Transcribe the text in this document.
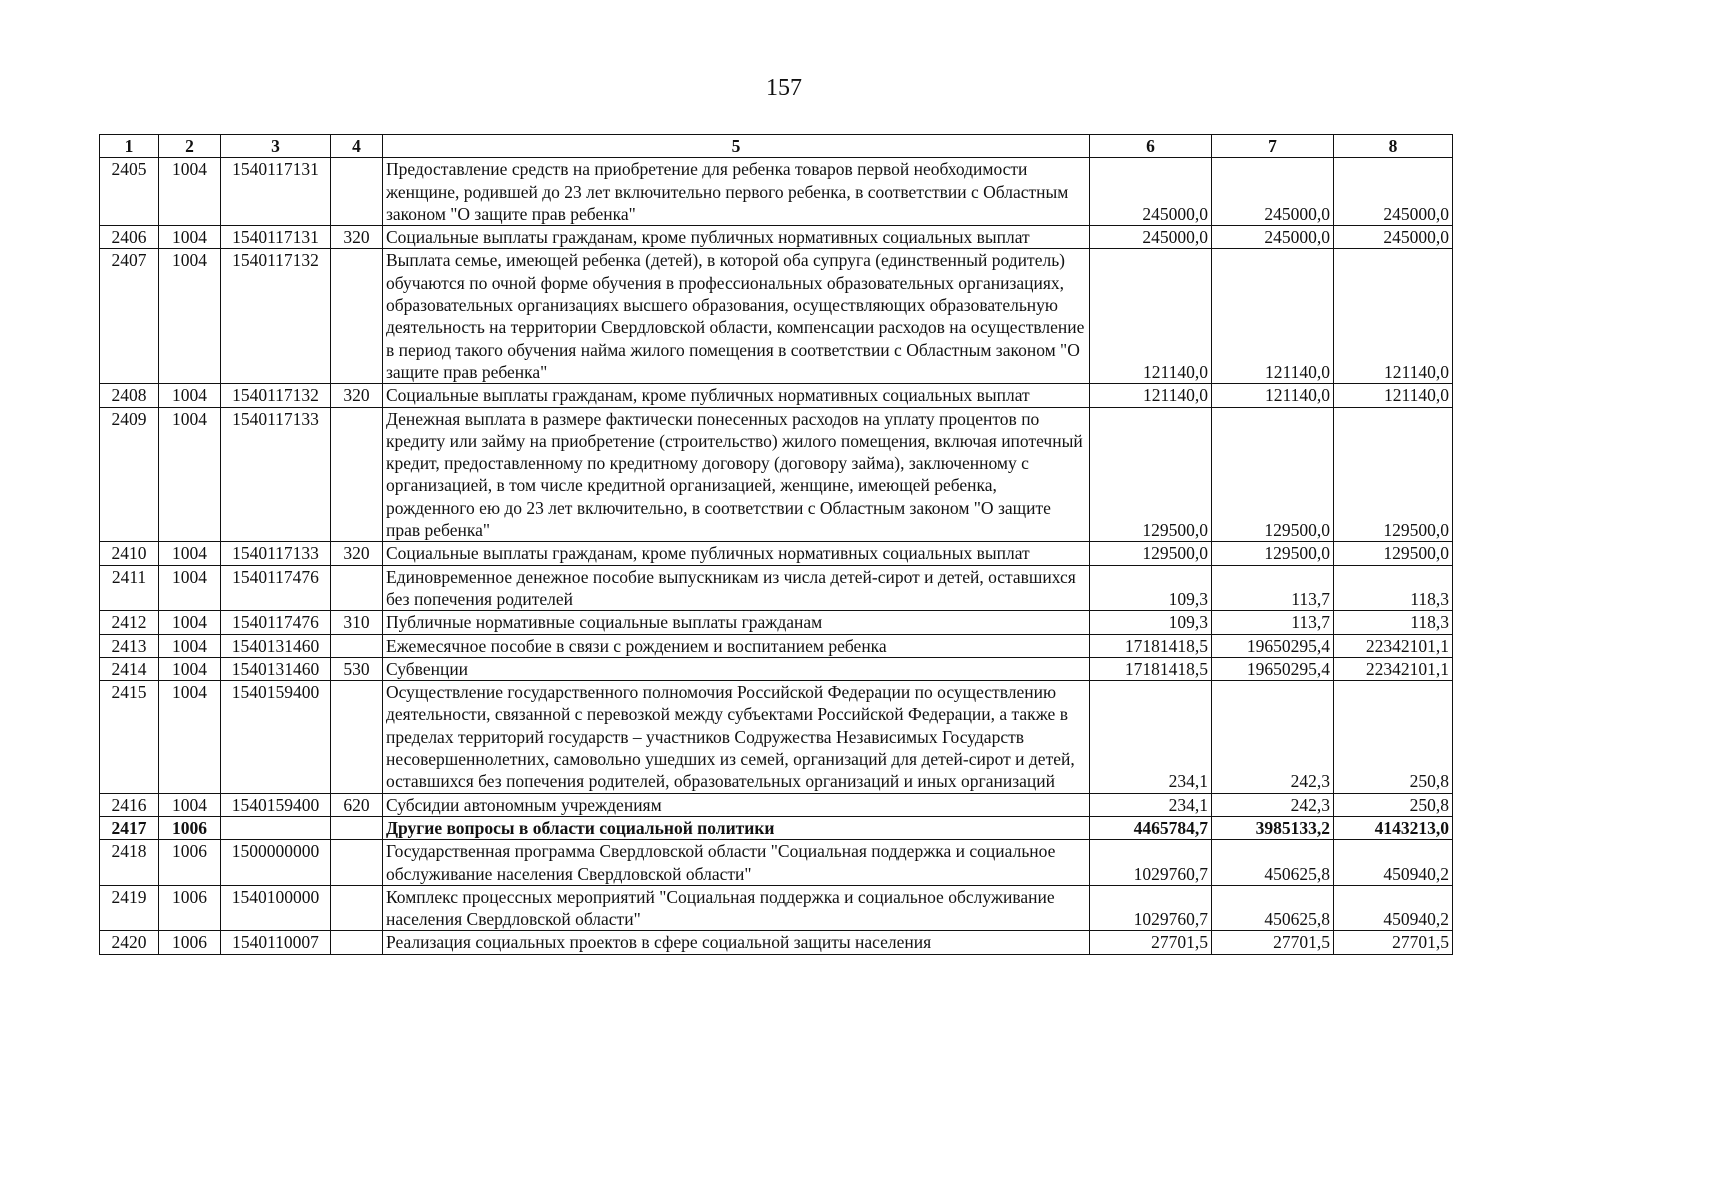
157
1	2	3	4	5	6	7	8
2405	1004	1540117131		Предоставление средств на приобретение для ребенка товаров первой необходимости женщине, родившей до 23 лет включительно первого ребенка, в соответствии с Областным законом "О защите прав ребенка"	245000,0	245000,0	245000,0
2406	1004	1540117131	320	Социальные выплаты гражданам, кроме публичных нормативных социальных выплат	245000,0	245000,0	245000,0
2407	1004	1540117132		Выплата семье, имеющей ребенка (детей), в которой оба супруга (единственный родитель) обучаются по очной форме обучения в профессиональных образовательных организациях, образовательных организациях высшего образования, осуществляющих образовательную деятельность на территории Свердловской области, компенсации расходов на осуществление в период такого обучения найма жилого помещения в соответствии с Областным законом "О защите прав ребенка"	121140,0	121140,0	121140,0
2408	1004	1540117132	320	Социальные выплаты гражданам, кроме публичных нормативных социальных выплат	121140,0	121140,0	121140,0
2409	1004	1540117133		Денежная выплата в размере фактически понесенных расходов на уплату процентов по кредиту или займу на приобретение (строительство) жилого помещения, включая ипотечный кредит, предоставленному по кредитному договору (договору займа), заключенному с организацией, в том числе кредитной организацией, женщине, имеющей ребенка, рожденного ею до 23 лет включительно, в соответствии с Областным законом "О защите прав ребенка"	129500,0	129500,0	129500,0
2410	1004	1540117133	320	Социальные выплаты гражданам, кроме публичных нормативных социальных выплат	129500,0	129500,0	129500,0
2411	1004	1540117476		Единовременное денежное пособие выпускникам из числа детей-сирот и детей, оставшихся без попечения родителей	109,3	113,7	118,3
2412	1004	1540117476	310	Публичные нормативные социальные выплаты гражданам	109,3	113,7	118,3
2413	1004	1540131460		Ежемесячное пособие в связи с рождением и воспитанием ребенка	17181418,5	19650295,4	22342101,1
2414	1004	1540131460	530	Субвенции	17181418,5	19650295,4	22342101,1
2415	1004	1540159400		Осуществление государственного полномочия Российской Федерации по осуществлению деятельности, связанной с перевозкой между субъектами Российской Федерации, а также в пределах территорий государств – участников Содружества Независимых Государств несовершеннолетних, самовольно ушедших из семей, организаций для детей-сирот и детей, оставшихся без попечения родителей, образовательных организаций и иных организаций	234,1	242,3	250,8
2416	1004	1540159400	620	Субсидии автономным учреждениям	234,1	242,3	250,8
2417	1006			Другие вопросы в области социальной политики	4465784,7	3985133,2	4143213,0
2418	1006	1500000000		Государственная программа Свердловской области "Социальная поддержка и социальное обслуживание населения Свердловской области"	1029760,7	450625,8	450940,2
2419	1006	1540100000		Комплекс процессных мероприятий "Социальная поддержка и социальное обслуживание населения Свердловской области"	1029760,7	450625,8	450940,2
2420	1006	1540110007		Реализация социальных проектов в сфере социальной защиты населения	27701,5	27701,5	27701,5
